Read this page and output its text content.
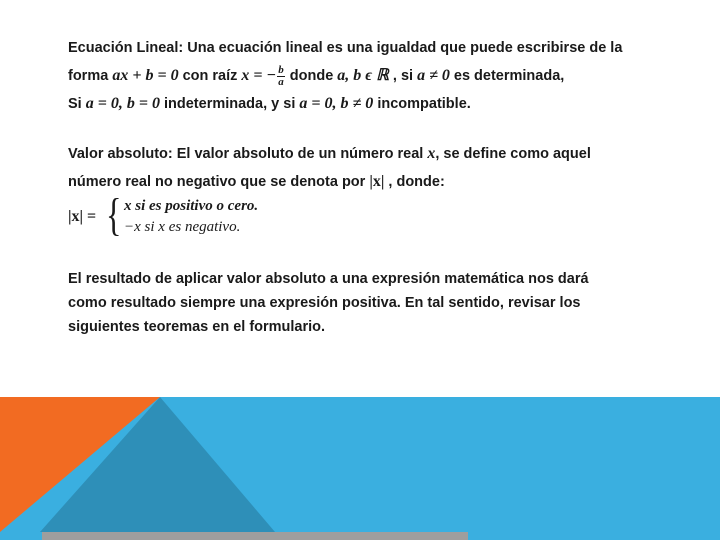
Ecuación Lineal: Una ecuación lineal es una igualdad que puede escribirse de la
forma ax + b = 0 con raíz x = − $\frac{b}{a}$ donde a, b ϵ ℝ , si a ≠ 0 es determinada,
Si a = 0, b = 0 indeterminada, y si a = 0, b ≠ 0 incompatible.
Valor absoluto: El valor absoluto de un número real x, se define como aquel
número real no negativo que se denota por |x| , donde:
|x| = { x si es positivo o cero.
−x si x es negativo.
El resultado de aplicar valor absoluto a una expresión matemática nos dará
como resultado siempre una expresión positiva. En tal sentido, revisar los
siguientes teoremas en el formulario.
